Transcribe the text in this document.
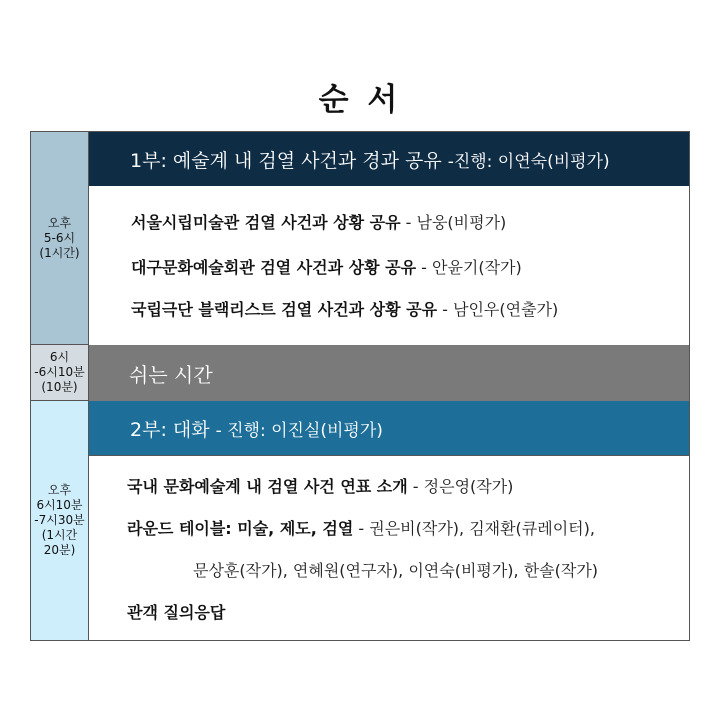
순 서
오후
5-6시
(1시간)
1부: 예술계 내 검열 사건과 경과 공유 -진행: 이연숙(비평가)
서울시립미술관 검열 사건과 상황 공유 - 남웅(비평가)
대구문화예술회관 검열 사건과 상황 공유 - 안윤기(작가)
국립극단 블랙리스트 검열 사건과 상황 공유 - 남인우(연출가)
6시
-6시10분
(10분)
쉬는 시간
오후
6시10분
-7시30분
(1시간
20분)
2부: 대화 - 진행: 이진실(비평가)
국내 문화예술계 내 검열 사건 연표 소개 - 정은영(작가)
라운드 테이블: 미술, 제도, 검열 - 권은비(작가), 김재환(큐레이터),
문상훈(작가), 연혜원(연구자), 이연숙(비평가), 한솔(작가)
관객 질의응답
